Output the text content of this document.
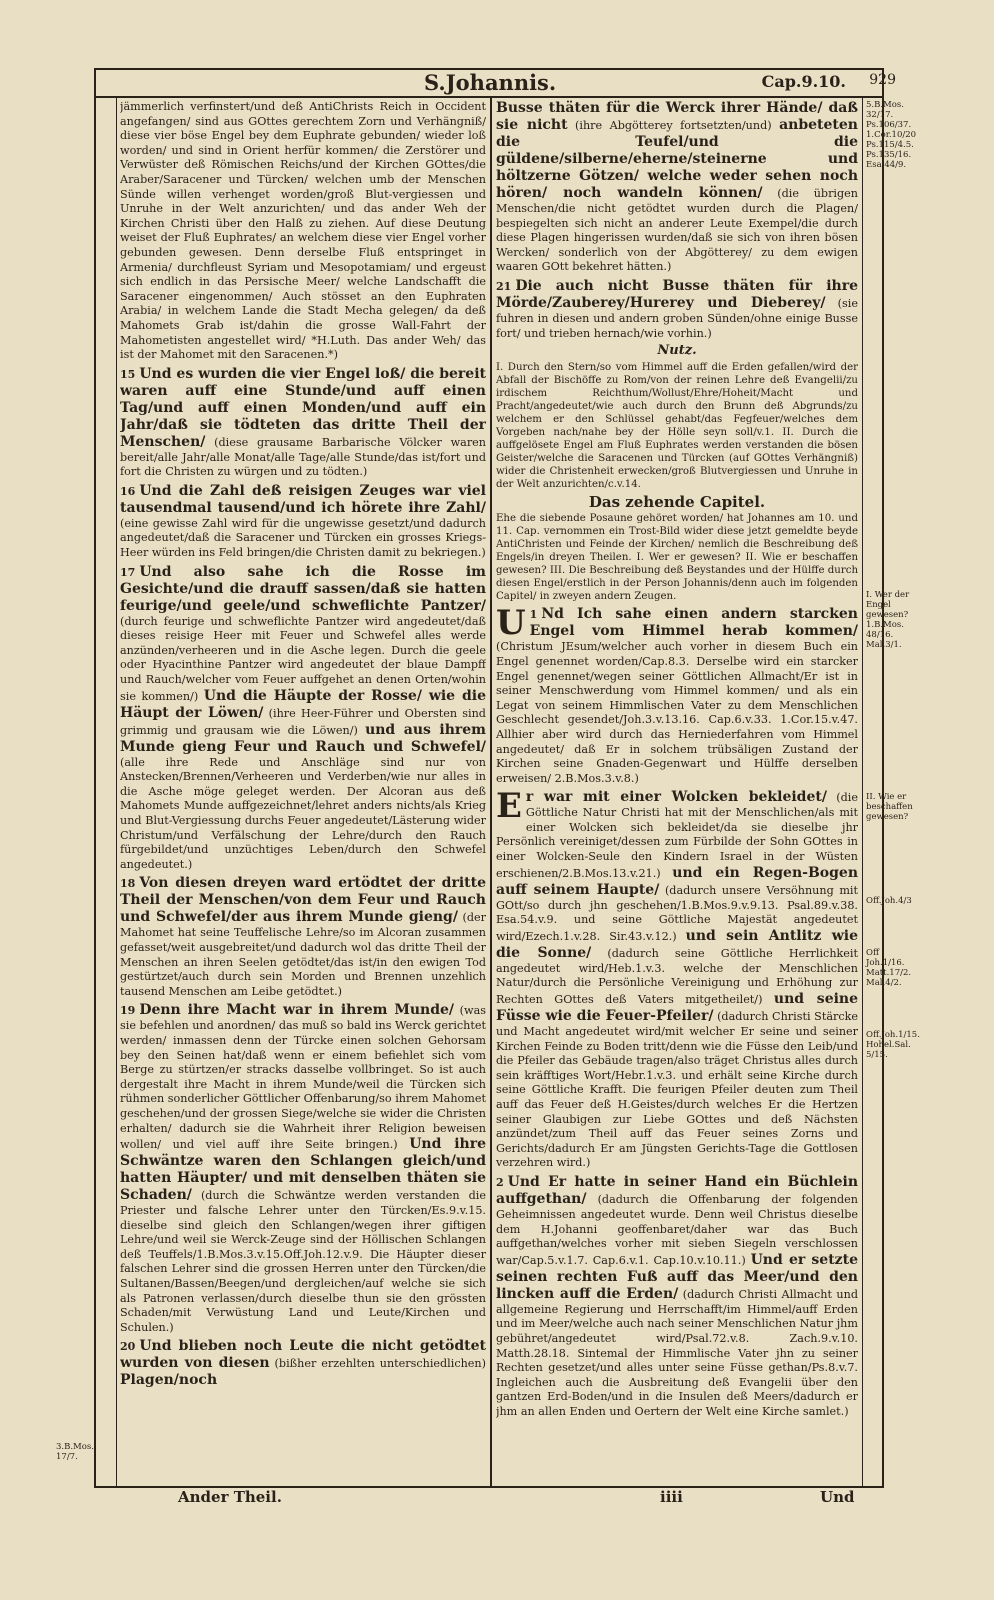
S.Johannis.	Cap.9.10. 929

jämmerlich verfinstert/und deß AntiChrists Reich in Occident angefangen/ sind aus GOttes gerechtem Zorn und Verhängniß/ diese vier böse Engel bey dem Euphrate gebunden/ wieder loß worden/ und sind in Orient herfür kommen/ die Zerstörer und Verwüster deß Römischen Reichs/und der Kirchen GOttes/die Araber/Saracener und Türcken/ welchen umb der Menschen Sünde willen verhenget worden/groß Blut-vergiessen und Unruhe in der Welt anzurichten/ und das ander Weh der Kirchen Christi über den Halß zu ziehen. Auf diese Deutung weiset der Fluß Euphrates/ an welchem diese vier Engel vorher gebunden gewesen. Denn derselbe Fluß entspringet in Armenia/ durchfleust Syriam und Mesopotamiam/ und ergeust sich endlich in das Persische Meer/ welche Landschafft die Saracener eingenommen/ Auch stösset an den Euphraten Arabia/ in welchem Lande die Stadt Mecha gelegen/ da deß Mahomets Grab ist/dahin die grosse Wall-Fahrt der Mahometisten angestellet wird/ *H.Luth. Das ander Weh/ das ist der Mahomet mit den Saracenen.*)

15 Und es wurden die vier Engel loß/ die bereit waren auff eine Stunde/und auff einen Tag/und auff einen Monden/und auff ein Jahr/daß sie tödteten das dritte Theil der Menschen/ (diese grausame Barbarische Völcker waren bereit/alle Jahr/alle Monat/alle Tage/alle Stunde/das ist/fort und fort die Christen zu würgen und zu tödten.)

16 Und die Zahl deß reisigen Zeuges war viel tausendmal tausend/und ich hörete ihre Zahl/ (eine gewisse Zahl wird für die ungewisse gesetzt/und dadurch angedeutet/daß die Saracener und Türcken ein grosses Kriegs-Heer würden ins Feld bringen/die Christen damit zu bekriegen.)

17 Und also sahe ich die Rosse im Gesichte/und die drauff sassen/daß sie hatten feurige/und geele/und schweflichte Pantzer/ (durch feurige und schweflichte Pantzer wird angedeutet/daß dieses reisige Heer mit Feuer und Schwefel alles werde anzünden/verheeren und in die Asche legen. Durch die geele oder Hyacinthine Pantzer wird angedeutet der blaue Dampff und Rauch/welcher vom Feuer auffgehet an denen Orten/wohin sie kommen/) Und die Häupte der Rosse/ wie die Häupt der Löwen/ (ihre Heer-Führer und Obersten sind grimmig und grausam wie die Löwen/) und aus ihrem Munde gieng Feur und Rauch und Schwefel/ (alle ihre Rede und Anschläge sind nur von Anstecken/Brennen/Verheeren und Verderben/wie nur alles in die Asche möge geleget werden. Der Alcoran aus deß Mahomets Munde auffgezeichnet/lehret anders nichts/als Krieg und Blut-Vergiessung durchs Feuer angedeutet/Lästerung wider Christum/und Verfälschung der Lehre/durch den Rauch fürgebildet/und unzüchtiges Leben/durch den Schwefel angedeutet.)

18 Von diesen dreyen ward ertödtet der dritte Theil der Menschen/von dem Feur und Rauch und Schwefel/der aus ihrem Munde gieng/ (der Mahomet hat seine Teuffelische Lehre/so im Alcoran zusammen gefasset/weit ausgebreitet/und dadurch wol das dritte Theil der Menschen an ihren Seelen getödtet/das ist/in den ewigen Tod gestürtzet/auch durch sein Morden und Brennen unzehlich tausend Menschen am Leibe getödtet.)

19 Denn ihre Macht war in ihrem Munde/ (was sie befehlen und anordnen/ das muß so bald ins Werck gerichtet werden/ inmassen denn der Türcke einen solchen Gehorsam bey den Seinen hat/daß wenn er einem befiehlet sich vom Berge zu stürtzen/er stracks dasselbe vollbringet. So ist auch dergestalt ihre Macht in ihrem Munde/weil die Türcken sich rühmen sonderlicher Göttlicher Offenbarung/so ihrem Mahomet geschehen/und der grossen Siege/welche sie wider die Christen erhalten/ dadurch sie die Wahrheit ihrer Religion beweisen wollen/ und viel auff ihre Seite bringen.) Und ihre Schwäntze waren den Schlangen gleich/und hatten Häupter/ und mit denselben thäten sie Schaden/ (durch die Schwäntze werden verstanden die Priester und falsche Lehrer unter den Türcken/Es.9.v.15. dieselbe sind gleich den Schlangen/wegen ihrer giftigen Lehre/und weil sie Werck-Zeuge sind der Höllischen Schlangen deß Teuffels/1.B.Mos.3.v.15.Off.Joh.12.v.9. Die Häupter dieser falschen Lehrer sind die grossen Herren unter den Türcken/die Sultanen/Bassen/Beegen/und dergleichen/auf welche sie sich als Patronen verlassen/durch dieselbe thun sie den grössten Schaden/mit Verwüstung Land und Leute/Kirchen und Schulen.)

20 Und blieben noch Leute die nicht getödtet wurden von diesen (bißher erzehlten unterschiedlichen) Plagen/noch

Busse thäten für die Werck ihrer Hände/ daß sie nicht (ihre Abgötterey fortsetzten/und) anbeteten die Teufel/und die güldene/silberne/eherne/steinerne und höltzerne Götzen/ welche weder sehen noch hören/ noch wandeln können/ (die übrigen Menschen/die nicht getödtet wurden durch die Plagen/ bespiegelten sich nicht an anderer Leute Exempel/die durch diese Plagen hingerissen wurden/daß sie sich von ihren bösen Wercken/ sonderlich von der Abgötterey/ zu dem ewigen waaren GOtt bekehret hätten.)

21 Die auch nicht Busse thäten für ihre Mörde/Zauberey/Hurerey und Dieberey/ (sie fuhren in diesen und andern groben Sünden/ohne einige Busse fort/ und trieben hernach/wie vorhin.)

Nutz.

I. Durch den Stern/so vom Himmel auff die Erden gefallen/wird der Abfall der Bischöffe zu Rom/von der reinen Lehre deß Evangelii/zu irdischem Reichthum/Wollust/Ehre/Hoheit/Macht und Pracht/angedeutet/wie auch durch den Brunn deß Abgrunds/zu welchem er den Schlüssel gehabt/das Fegfeuer/welches dem Vorgeben nach/nahe bey der Hölle seyn soll/v.1. II. Durch die auffgelösete Engel am Fluß Euphrates werden verstanden die bösen Geister/welche die Saracenen und Türcken (auf GOttes Verhängniß) wider die Christenheit erwecken/groß Blutvergiessen und Unruhe in der Welt anzurichten/c.v.14.

Das zehende Capitel.

Ehe die siebende Posaune gehöret worden/ hat Johannes am 10. und 11. Cap. vernommen ein Trost-Bild wider diese jetzt gemeldte beyde AntiChristen und Feinde der Kirchen/ nemlich die Beschreibung deß Engels/in dreyen Theilen. I. Wer er gewesen? II. Wie er beschaffen gewesen? III. Die Beschreibung deß Beystandes und der Hülffe durch diesen Engel/erstlich in der Person Johannis/denn auch im folgenden Capitel/ in zweyen andern Zeugen.

1
U Nd Ich sahe einen andern starcken Engel vom Himmel herab kommen/ (Christum JEsum/welcher auch vorher in diesem Buch ein Engel genennet worden/Cap.8.3. Derselbe wird ein starcker Engel genennet/wegen seiner Göttlichen Allmacht/Er ist in seiner Menschwerdung vom Himmel kommen/ und als ein Legat von seinem Himmlischen Vater zu dem Menschlichen Geschlecht gesendet/Joh.3.v.13.16. Cap.6.v.33. 1.Cor.15.v.47. Allhier aber wird durch das Herniederfahren vom Himmel angedeutet/ daß Er in solchem trübsäligen Zustand der Kirchen seine Gnaden-Gegenwart und Hülffe derselben erweisen/ 2.B.Mos.3.v.8.)

Er war mit einer Wolcken bekleidet/ (die Göttliche Natur Christi hat mit der Menschlichen/als mit einer Wolcken sich bekleidet/da sie dieselbe jhr Persönlich vereiniget/dessen zum Fürbilde der Sohn GOttes in einer Wolcken-Seule den Kindern Israel in der Wüsten erschienen/2.B.Mos.13.v.21.) und ein Regen-Bogen auff seinem Haupte/ (dadurch unsere Versöhnung mit GOtt/so durch jhn geschehen/1.B.Mos.9.v.9.13. Psal.89.v.38. Esa.54.v.9. und seine Göttliche Majestät angedeutet wird/Ezech.1.v.28. Sir.43.v.12.) und sein Antlitz wie die Sonne/ (dadurch seine Göttliche Herrlichkeit angedeutet wird/Heb.1.v.3. welche der Menschlichen Natur/durch die Persönliche Vereinigung und Erhöhung zur Rechten GOttes deß Vaters mitgetheilet/) und seine Füsse wie die Feuer-Pfeiler/ (dadurch Christi Stärcke und Macht angedeutet wird/mit welcher Er seine und seiner Kirchen Feinde zu Boden tritt/denn wie die Füsse den Leib/und die Pfeiler das Gebäude tragen/also träget Christus alles durch sein kräfftiges Wort/Hebr.1.v.3. und erhält seine Kirche durch seine Göttliche Krafft. Die feurigen Pfeiler deuten zum Theil auff das Feuer deß H.Geistes/durch welches Er die Hertzen seiner Glaubigen zur Liebe GOttes und deß Nächsten anzündet/zum Theil auff das Feuer seines Zorns und Gerichts/dadurch Er am Jüngsten Gerichts-Tage die Gottlosen verzehren wird.)

2 Und Er hatte in seiner Hand ein Büchlein auffgethan/ (dadurch die Offenbarung der folgenden Geheimnissen angedeutet wurde. Denn weil Christus dieselbe dem H.Johanni geoffenbaret/daher war das Buch auffgethan/welches vorher mit sieben Siegeln verschlossen war/Cap.5.v.1.7. Cap.6.v.1. Cap.10.v.10.11.) Und er setzte seinen rechten Fuß auff das Meer/und den lincken auff die Erden/ (dadurch Christi Allmacht und allgemeine Regierung und Herrschafft/im Himmel/auff Erden und im Meer/welche auch nach seiner Menschlichen Natur jhm gebühret/angedeutet wird/Psal.72.v.8. Zach.9.v.10. Matth.28.18. Sintemal der Himmlische Vater jhn zu seiner Rechten gesetzet/und alles unter seine Füsse gethan/Ps.8.v.7. Ingleichen auch die Ausbreitung deß Evangelii über den gantzen Erd-Boden/und in die Insulen deß Meers/dadurch er jhm an allen Enden und Oertern der Welt eine Kirche samlet.)

5.B.Mos. 32/17. Ps.106/37. 1.Cor.10/20 Ps.115/4.5. Ps.135/16. Esa.44/9.
I. Wer der Engel gewesen? 1.B.Mos. 48/16. Mal.3/1.
II. Wie er beschaffen gewesen?
Off.Joh.4/3
Off Joh.1/16. Matt.17/2. Mal.4/2.
Off.Joh.1/15. Hohel.Sal. 5/15.
3.B.Mos. 17/7.
Ander Theil.	iiii	Und
